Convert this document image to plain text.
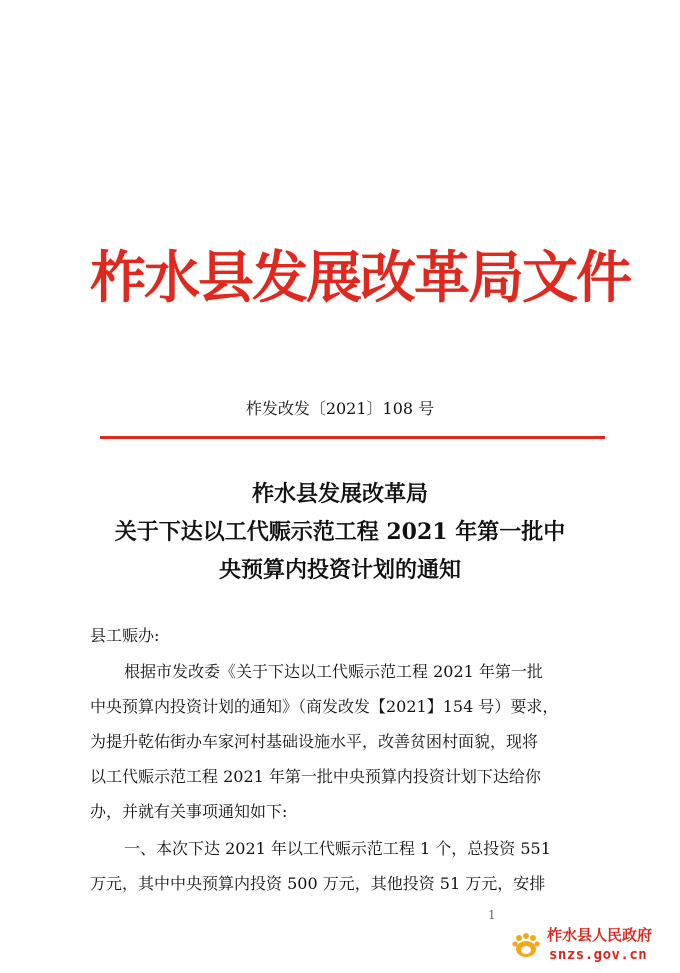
柞水县发展改革局文件
柞发改发〔2021〕108 号
柞水县发展改革局
关于下达以工代赈示范工程 2021 年第一批中
央预算内投资计划的通知
县工赈办:
根据市发改委《关于下达以工代赈示范工程 2021 年第一批
中央预算内投资计划的通知》（商发改发【2021】154 号）要求，
为提升乾佑街办车家河村基础设施水平，改善贫困村面貌，现将
以工代赈示范工程 2021 年第一批中央预算内投资计划下达给你
办，并就有关事项通知如下:
一、本次下达 2021 年以工代赈示范工程 1 个，总投资 551
万元，其中中央预算内投资 500 万元，其他投资 51 万元，安排
1
柞水县人民政府
snzs.gov.cn
